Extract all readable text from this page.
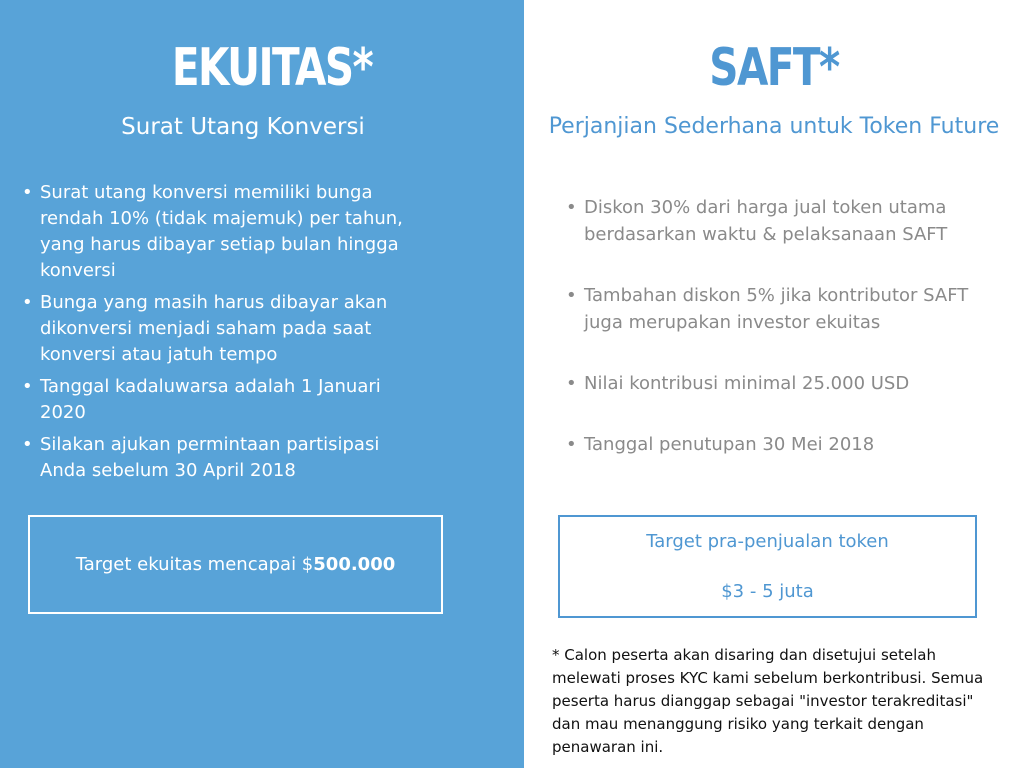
EKUITAS*
Surat Utang Konversi
• Surat utang konversi memiliki bunga rendah 10% (tidak majemuk) per tahun, yang harus dibayar setiap bulan hingga konversi
• Bunga yang masih harus dibayar akan dikonversi menjadi saham pada saat konversi atau jatuh tempo
• Tanggal kadaluwarsa adalah 1 Januari 2020
• Silakan ajukan permintaan partisipasi Anda sebelum 30 April 2018
Target ekuitas mencapai $500.000
SAFT*
Perjanjian Sederhana untuk Token Future
• Diskon 30% dari harga jual token utama berdasarkan waktu & pelaksanaan SAFT
• Tambahan diskon 5% jika kontributor SAFT juga merupakan investor ekuitas
• Nilai kontribusi minimal 25.000 USD
• Tanggal penutupan 30 Mei 2018
Target pra-penjualan token
$3 - 5 juta
* Calon peserta akan disaring dan disetujui setelah melewati proses KYC kami sebelum berkontribusi. Semua peserta harus dianggap sebagai "investor terakreditasi" dan mau menanggung risiko yang terkait dengan penawaran ini.
